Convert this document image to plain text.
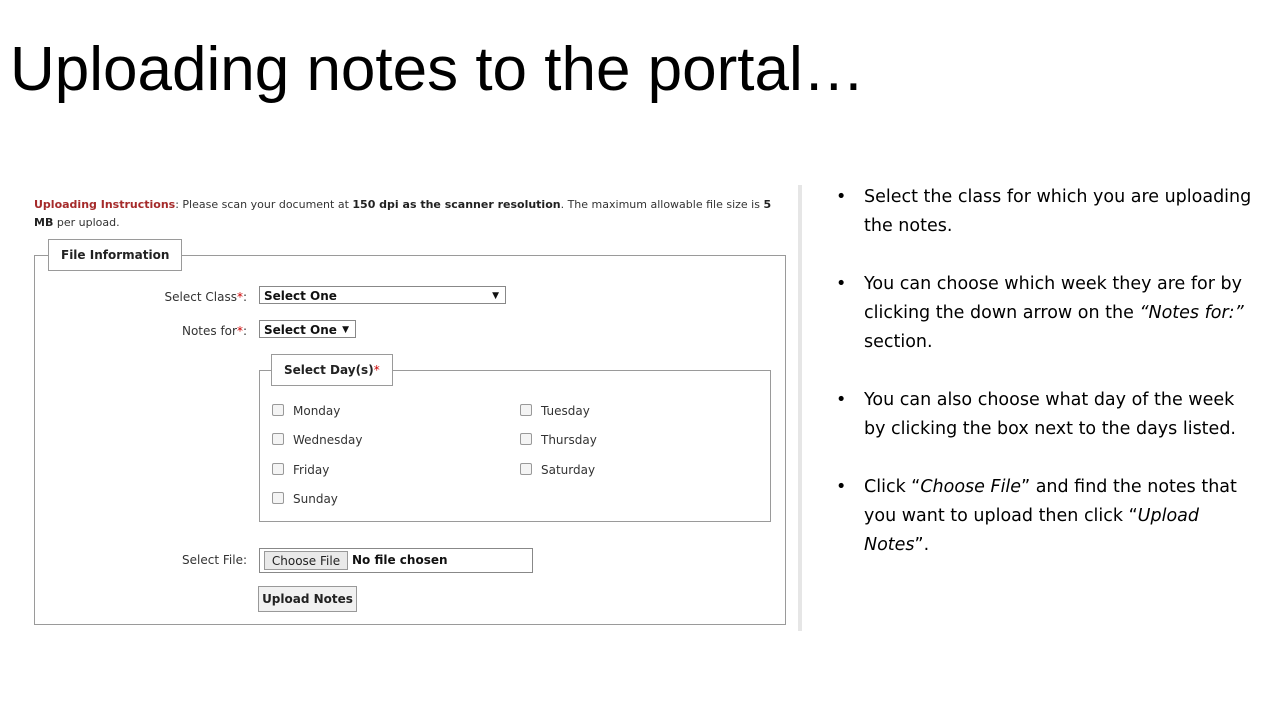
Uploading notes to the portal…
Uploading Instructions: Please scan your document at 150 dpi as the scanner resolution. The maximum allowable file size is 5 MB per upload.
File Information
Select Class*:	Select One	▼
Notes for*:	Select One ▼
Select Day(s)*
Monday	Tuesday
Wednesday	Thursday
Friday	Saturday
Sunday
Select File:	Choose File No file chosen
Upload Notes
• Select the class for which you are uploading the notes.
• You can choose which week they are for by clicking the down arrow on the “Notes for:” section.
• You can also choose what day of the week by clicking the box next to the days listed.
• Click “Choose File” and find the notes that you want to upload then click “Upload Notes”.
